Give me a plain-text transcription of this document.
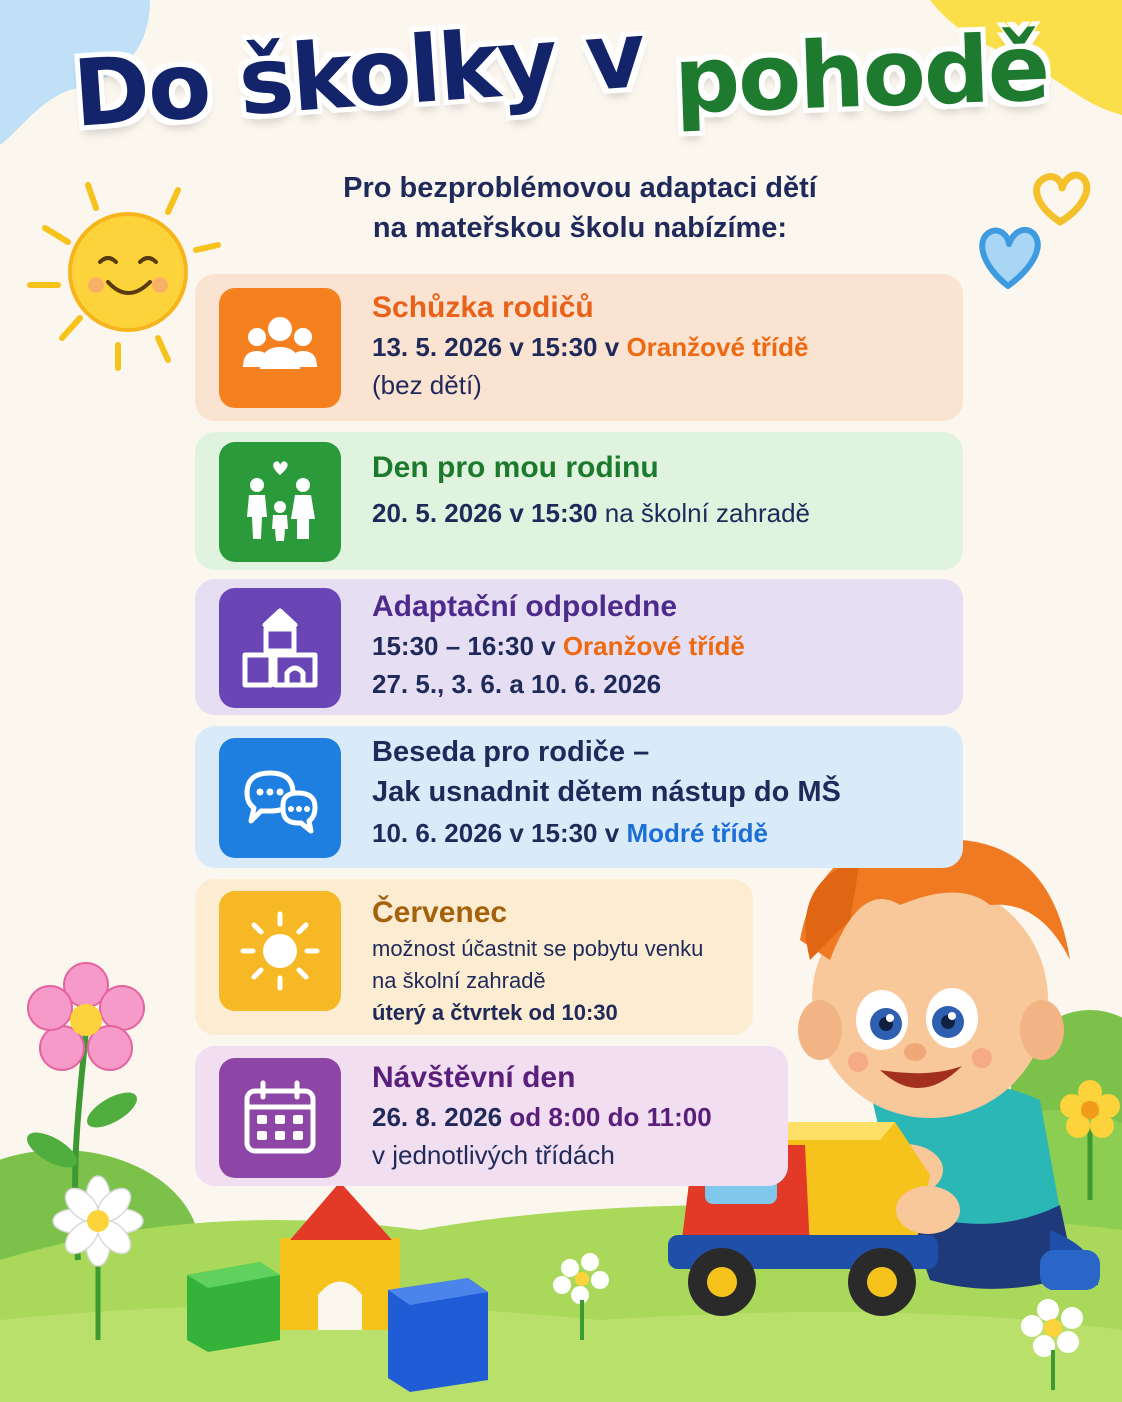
Do školky v pohodě
Pro bezproblémovou adaptaci dětí
na mateřskou školu nabízíme:
Schůzka rodičů
13. 5. 2026 v 15:30 v Oranžové třídě
(bez dětí)
Den pro mou rodinu
20. 5. 2026 v 15:30 na školní zahradě
Adaptační odpoledne
15:30 – 16:30 v Oranžové třídě
27. 5., 3. 6. a 10. 6. 2026
Beseda pro rodiče –
Jak usnadnit dětem nástup do MŠ
10. 6. 2026 v 15:30 v Modré třídě
Červenec
možnost účastnit se pobytu venku
na školní zahradě
úterý a čtvrtek od 10:30
Návštěvní den
26. 8. 2026 od 8:00 do 11:00
v jednotlivých třídách
